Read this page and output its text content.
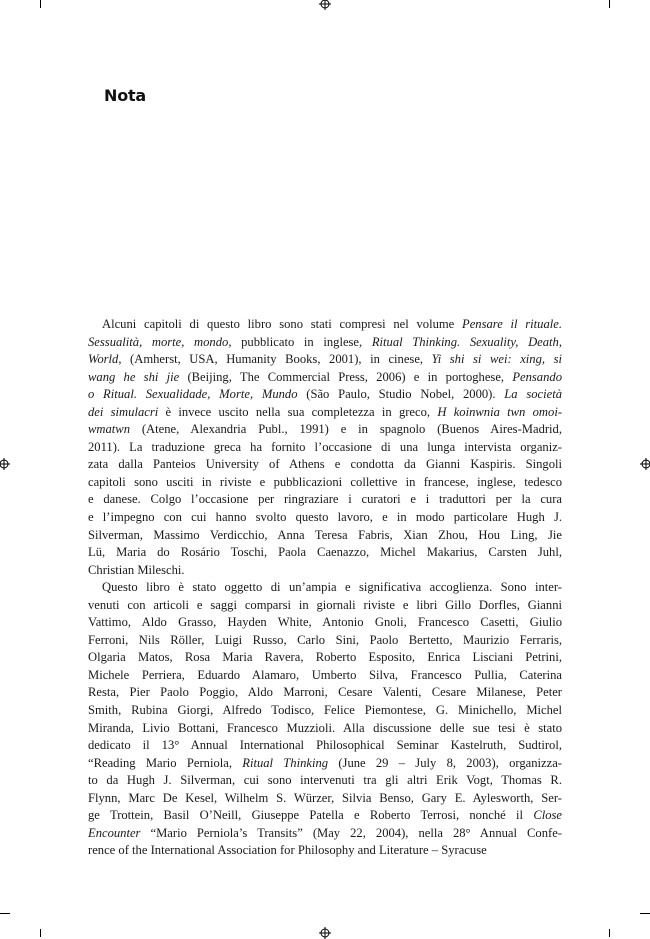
Nota
Alcuni capitoli di questo libro sono stati compresi nel volume Pensare il rituale.
Sessualità, morte, mondo, pubblicato in inglese, Ritual Thinking. Sexuality, Death,
World, (Amherst, USA, Humanity Books, 2001), in cinese, Yi shi si wei: xing, si
wang he shi jie (Beijing, The Commercial Press, 2006) e in portoghese, Pensando
o Ritual. Sexualidade, Morte, Mundo (São Paulo, Studio Nobel, 2000). La società
dei simulacri è invece uscito nella sua completezza in greco, H koinwnia twn omoi-
wmatwn (Atene, Alexandria Publ., 1991) e in spagnolo (Buenos Aires-Madrid,
2011). La traduzione greca ha fornito l’occasione di una lunga intervista organiz-
zata dalla Panteios University of Athens e condotta da Gianni Kaspiris. Singoli
capitoli sono usciti in riviste e pubblicazioni collettive in francese, inglese, tedesco
e danese. Colgo l’occasione per ringraziare i curatori e i traduttori per la cura
e l’impegno con cui hanno svolto questo lavoro, e in modo particolare Hugh J.
Silverman, Massimo Verdicchio, Anna Teresa Fabris, Xian Zhou, Hou Ling, Jie
Lü, Maria do Rosário Toschi, Paola Caenazzo, Michel Makarius, Carsten Juhl,
Christian Mileschi.
Questo libro è stato oggetto di un’ampia e significativa accoglienza. Sono inter-
venuti con articoli e saggi comparsi in giornali riviste e libri Gillo Dorfles, Gianni
Vattimo, Aldo Grasso, Hayden White, Antonio Gnoli, Francesco Casetti, Giulio
Ferroni, Nils Röller, Luigi Russo, Carlo Sini, Paolo Bertetto, Maurizio Ferraris,
Olgaria Matos, Rosa Maria Ravera, Roberto Esposito, Enrica Lisciani Petrini,
Michele Perriera, Eduardo Alamaro, Umberto Silva, Francesco Pullia, Caterina
Resta, Pier Paolo Poggio, Aldo Marroni, Cesare Valenti, Cesare Milanese, Peter
Smith, Rubina Giorgi, Alfredo Todisco, Felice Piemontese, G. Minichello, Michel
Miranda, Livio Bottani, Francesco Muzzioli. Alla discussione delle sue tesi è stato
dedicato il 13° Annual International Philosophical Seminar Kastelruth, Sudtirol,
“Reading Mario Perniola, Ritual Thinking (June 29 – July 8, 2003), organizza-
to da Hugh J. Silverman, cui sono intervenuti tra gli altri Erik Vogt, Thomas R.
Flynn, Marc De Kesel, Wilhelm S. Würzer, Silvia Benso, Gary E. Aylesworth, Ser-
ge Trottein, Basil O’Neill, Giuseppe Patella e Roberto Terrosi, nonché il Close
Encounter “Mario Perniola’s Transits” (May 22, 2004), nella 28° Annual Confe-
rence of the International Association for Philosophy and Literature – Syracuse
